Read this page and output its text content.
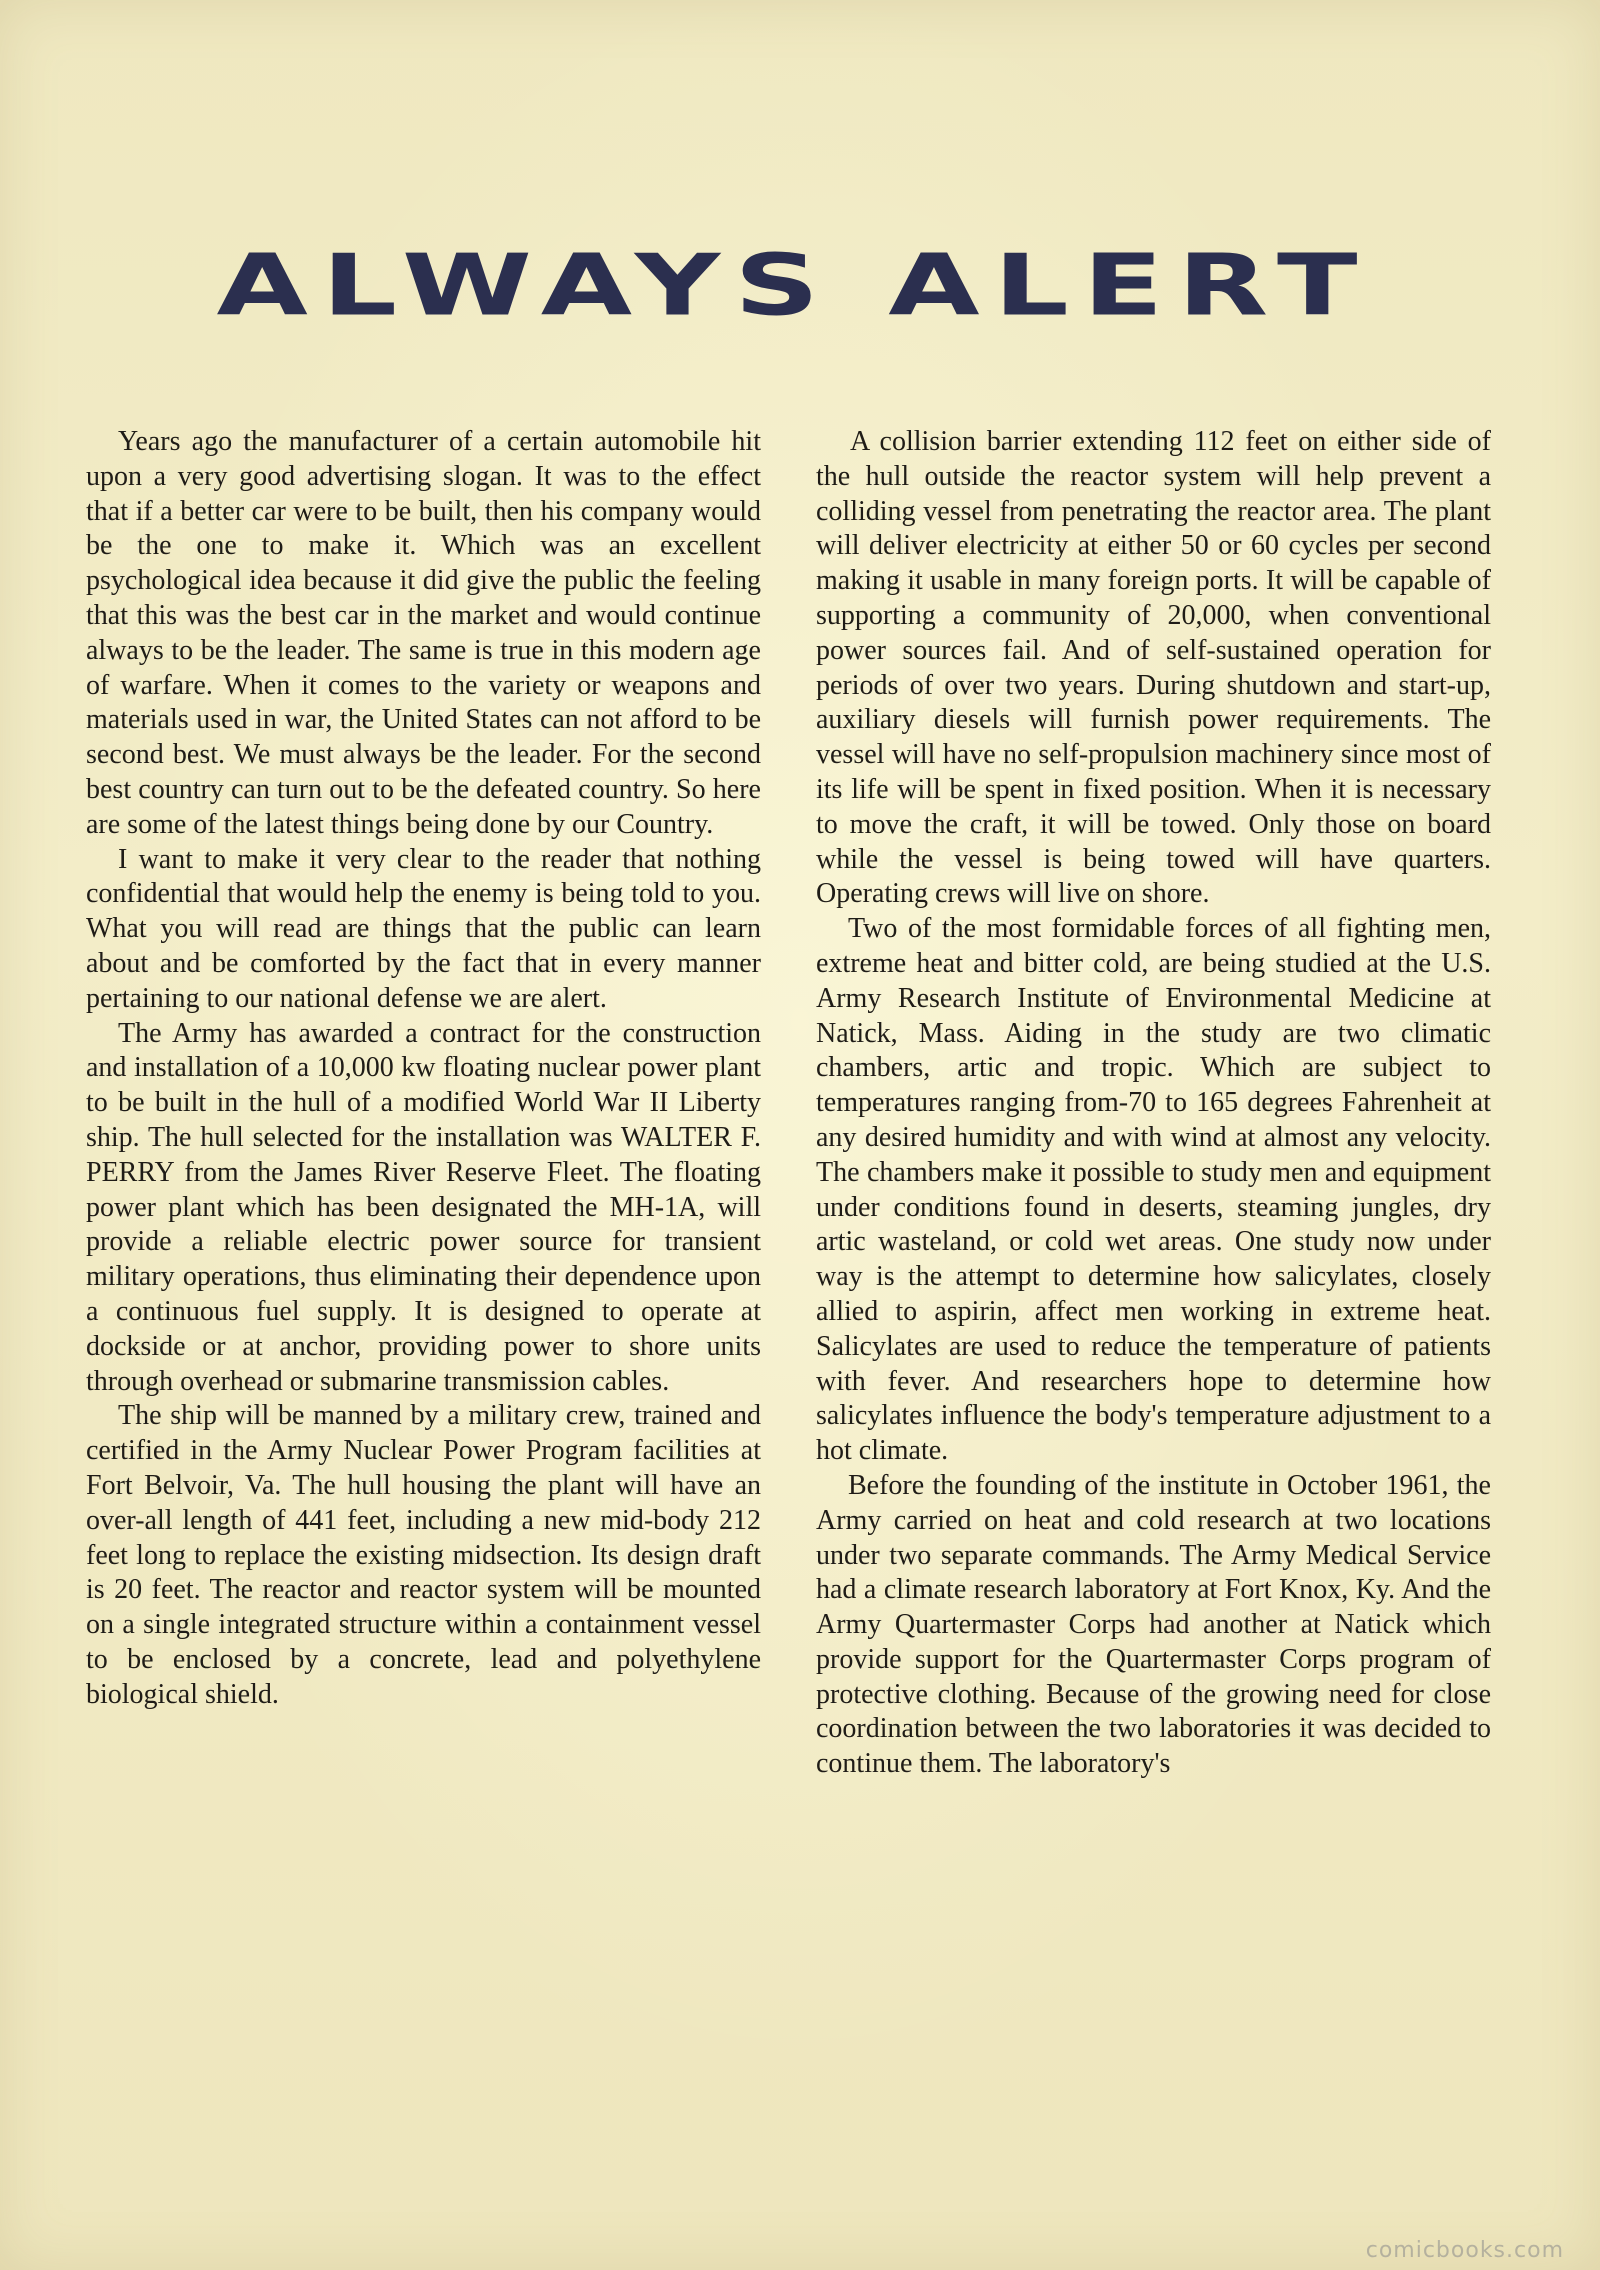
ALWAYS ALERT

Years ago the manufacturer of a certain automobile hit upon a very good advertising slogan. It was to the effect that if a better car were to be built, then his company would be the one to make it. Which was an excellent psychological idea because it did give the public the feeling that this was the best car in the market and would continue always to be the leader. The same is true in this modern age of warfare. When it comes to the variety or weapons and materials used in war, the United States can not afford to be second best. We must always be the leader. For the second best country can turn out to be the defeated country. So here are some of the latest things being done by our Country.

I want to make it very clear to the reader that nothing confidential that would help the enemy is being told to you. What you will read are things that the public can learn about and be comforted by the fact that in every manner pertaining to our national defense we are alert.

The Army has awarded a contract for the construction and installation of a 10,000 kw floating nuclear power plant to be built in the hull of a modified World War II Liberty ship. The hull selected for the installation was WALTER F. PERRY from the James River Reserve Fleet. The floating power plant which has been designated the MH-1A, will provide a reliable electric power source for transient military operations, thus eliminating their dependence upon a continuous fuel supply. It is designed to operate at dockside or at anchor, providing power to shore units through overhead or submarine transmission cables.

The ship will be manned by a military crew, trained and certified in the Army Nuclear Power Program facilities at Fort Belvoir, Va. The hull housing the plant will have an over-all length of 441 feet, including a new mid-body 212 feet long to replace the existing midsection. Its design draft is 20 feet. The reactor and reactor system will be mounted on a single integrated structure within a containment vessel to be enclosed by a concrete, lead and polyethylene biological shield.

A collision barrier extending 112 feet on either side of the hull outside the reactor system will help prevent a colliding vessel from penetrating the reactor area. The plant will deliver electricity at either 50 or 60 cycles per second making it usable in many foreign ports. It will be capable of supporting a community of 20,000, when conventional power sources fail. And of self-sustained operation for periods of over two years. During shutdown and start-up, auxiliary diesels will furnish power requirements. The vessel will have no self-propulsion machinery since most of its life will be spent in fixed position. When it is necessary to move the craft, it will be towed. Only those on board while the vessel is being towed will have quarters. Operating crews will live on shore.

Two of the most formidable forces of all fighting men, extreme heat and bitter cold, are being studied at the U.S. Army Research Institute of Environmental Medicine at Natick, Mass. Aiding in the study are two climatic chambers, artic and tropic. Which are subject to temperatures ranging from-70 to 165 degrees Fahrenheit at any desired humidity and with wind at almost any velocity. The chambers make it possible to study men and equipment under conditions found in deserts, steaming jungles, dry artic wasteland, or cold wet areas. One study now under way is the attempt to determine how salicylates, closely allied to aspirin, affect men working in extreme heat. Salicylates are used to reduce the temperature of patients with fever. And researchers hope to determine how salicylates influence the body's temperature adjustment to a hot climate.

Before the founding of the institute in October 1961, the Army carried on heat and cold research at two locations under two separate commands. The Army Medical Service had a climate research laboratory at Fort Knox, Ky. And the Army Quartermaster Corps had another at Natick which provide support for the Quartermaster Corps program of protective clothing. Because of the growing need for close coordination between the two laboratories it was decided to continue them. The laboratory's

comicbooks.com
